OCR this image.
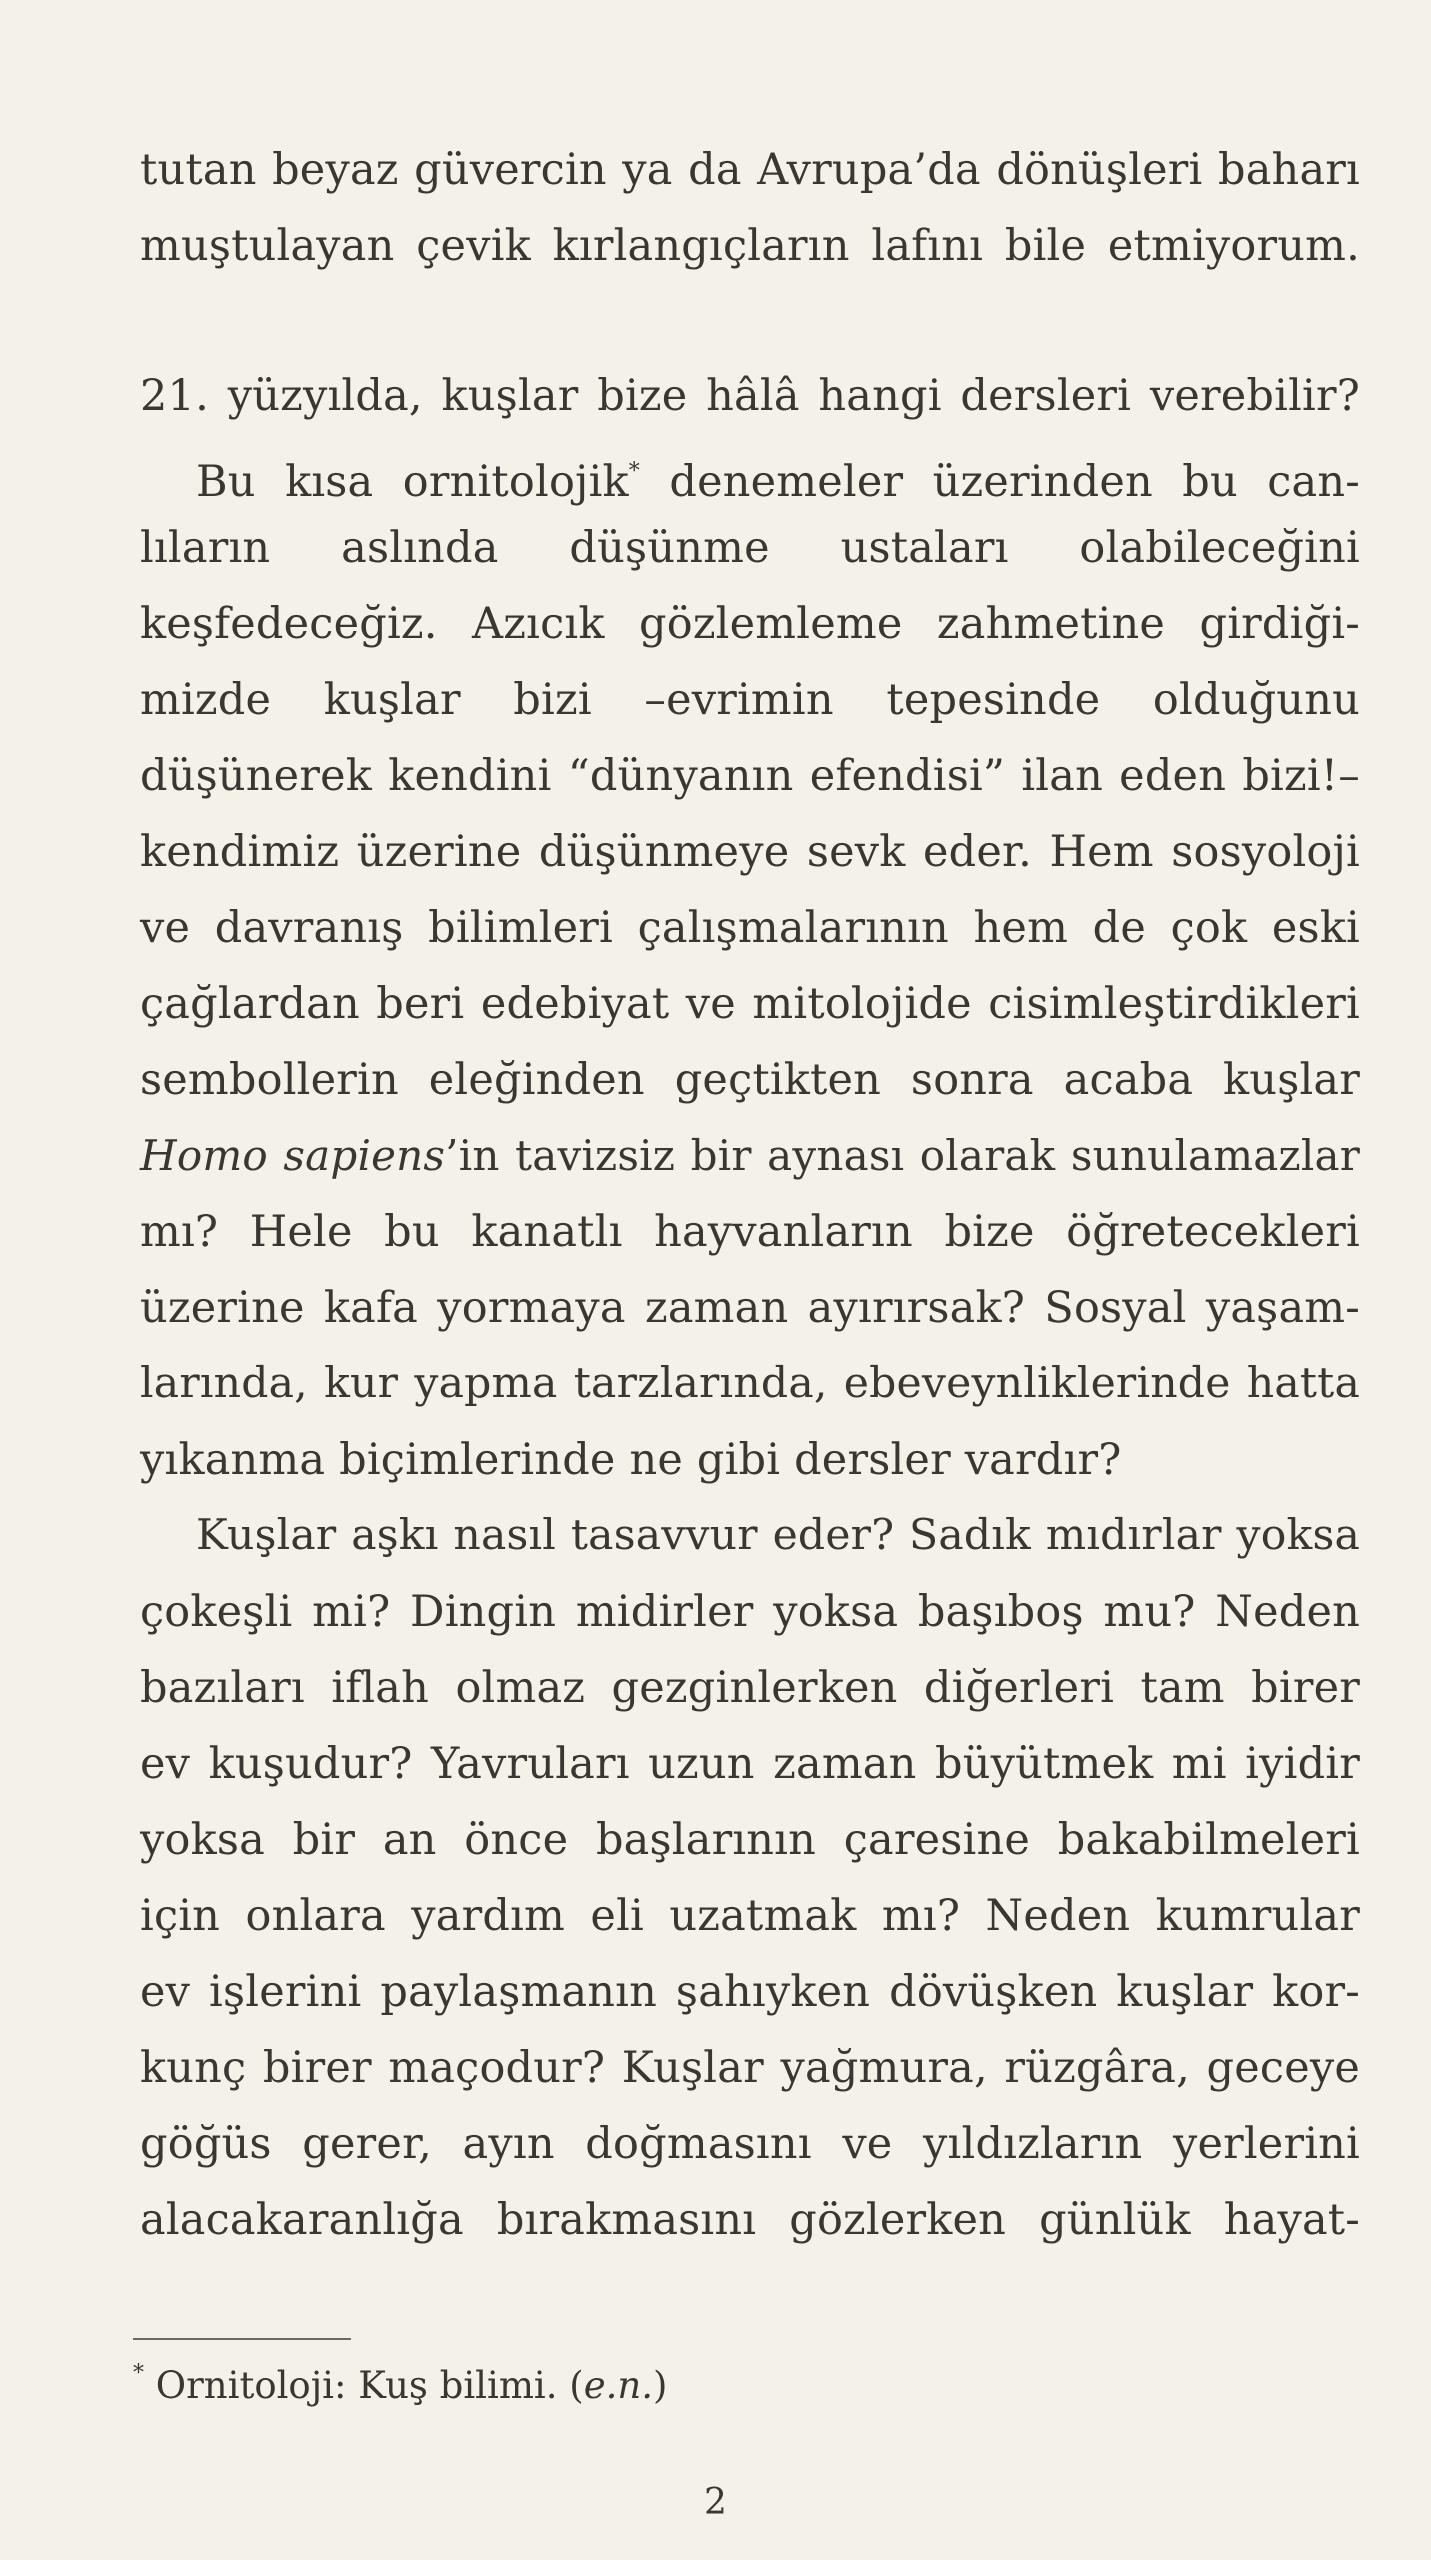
tutan beyaz güvercin ya da Avrupa’da dönüşleri baharı
muştulayan çevik kırlangıçların lafını bile etmiyorum.
21. yüzyılda, kuşlar bize hâlâ hangi dersleri verebilir?
Bu kısa ornitolojik* denemeler üzerinden bu can-
lıların aslında düşünme ustaları olabileceğini
keşfedeceğiz. Azıcık gözlemleme zahmetine girdiği-
mizde kuşlar bizi –evrimin tepesinde olduğunu
düşünerek kendini “dünyanın efendisi” ilan eden bizi!–
kendimiz üzerine düşünmeye sevk eder. Hem sosyoloji
ve davranış bilimleri çalışmalarının hem de çok eski
çağlardan beri edebiyat ve mitolojide cisimleştirdikleri
sembollerin eleğinden geçtikten sonra acaba kuşlar
Homo sapiens’in tavizsiz bir aynası olarak sunulamazlar
mı? Hele bu kanatlı hayvanların bize öğretecekleri
üzerine kafa yormaya zaman ayırırsak? Sosyal yaşam-
larında, kur yapma tarzlarında, ebeveynliklerinde hatta
yıkanma biçimlerinde ne gibi dersler vardır?
Kuşlar aşkı nasıl tasavvur eder? Sadık mıdırlar yoksa
çokeşli mi? Dingin midirler yoksa başıboş mu? Neden
bazıları iflah olmaz gezginlerken diğerleri tam birer
ev kuşudur? Yavruları uzun zaman büyütmek mi iyidir
yoksa bir an önce başlarının çaresine bakabilmeleri
için onlara yardım eli uzatmak mı? Neden kumrular
ev işlerini paylaşmanın şahıyken dövüşken kuşlar kor-
kunç birer maçodur? Kuşlar yağmura, rüzgâra, geceye
göğüs gerer, ayın doğmasını ve yıldızların yerlerini
alacakaranlığa bırakmasını gözlerken günlük hayat-
* Ornitoloji: Kuş bilimi. (e.n.)
2
